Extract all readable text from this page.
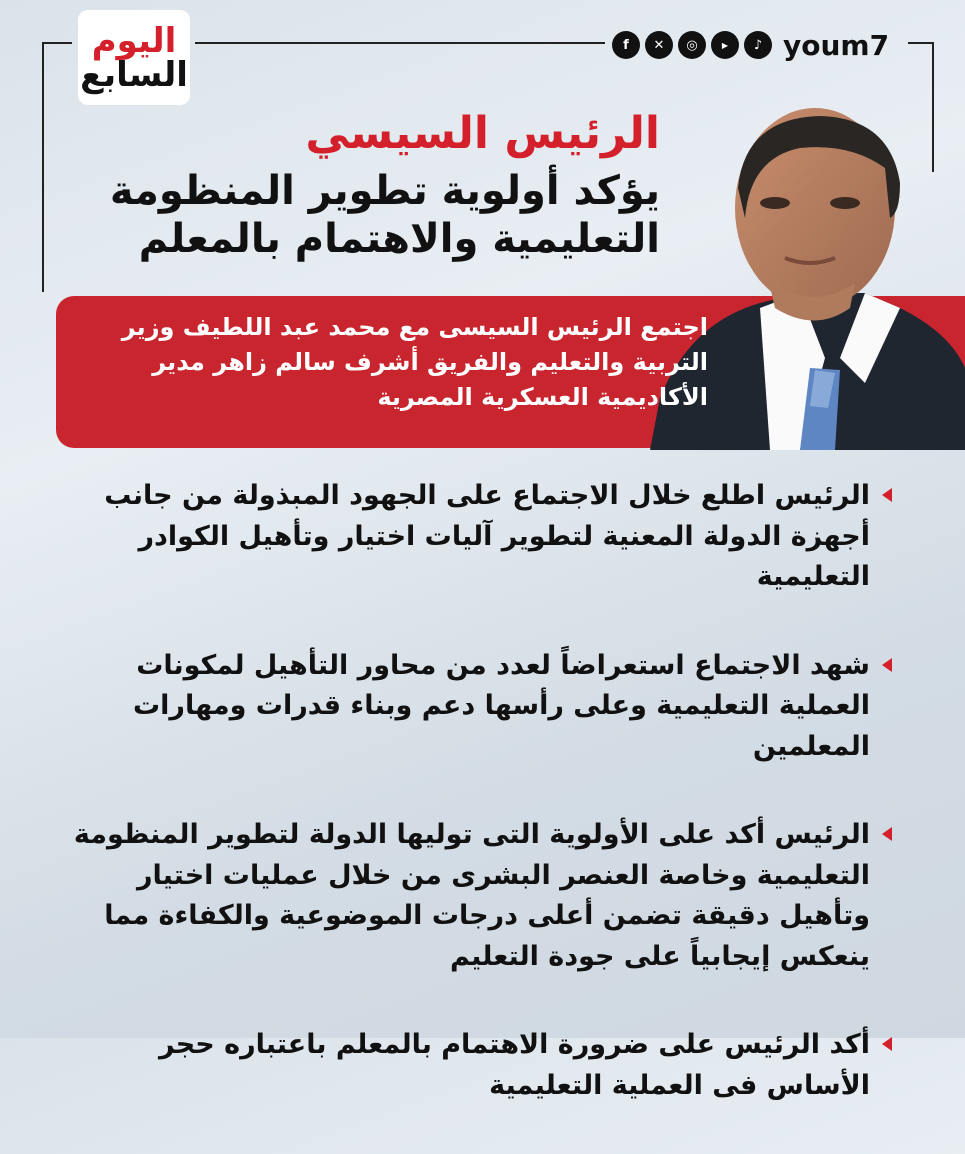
اليوم
السابع
f	✕	◎	▶	♪ youm7
الرئيس السيسي
يؤكد أولوية تطوير المنظومة
التعليمية والاهتمام بالمعلم
اجتمع الرئيس السيسى مع محمد عبد اللطيف وزير التربية والتعليم والفريق أشرف سالم زاهر مدير الأكاديمية العسكرية المصرية
الرئيس اطلع خلال الاجتماع على الجهود المبذولة من جانب أجهزة الدولة المعنية لتطوير آليات اختيار وتأهيل الكوادر التعليمية
شهد الاجتماع استعراضاً لعدد من محاور التأهيل لمكونات العملية التعليمية وعلى رأسها دعم وبناء قدرات ومهارات المعلمين
الرئيس أكد على الأولوية التى توليها الدولة لتطوير المنظومة التعليمية وخاصة العنصر البشرى من خلال عمليات اختيار وتأهيل دقيقة تضمن أعلى درجات الموضوعية والكفاءة مما ينعكس إيجابياً على جودة التعليم
أكد الرئيس على ضرورة الاهتمام بالمعلم باعتباره حجر الأساس فى العملية التعليمية
